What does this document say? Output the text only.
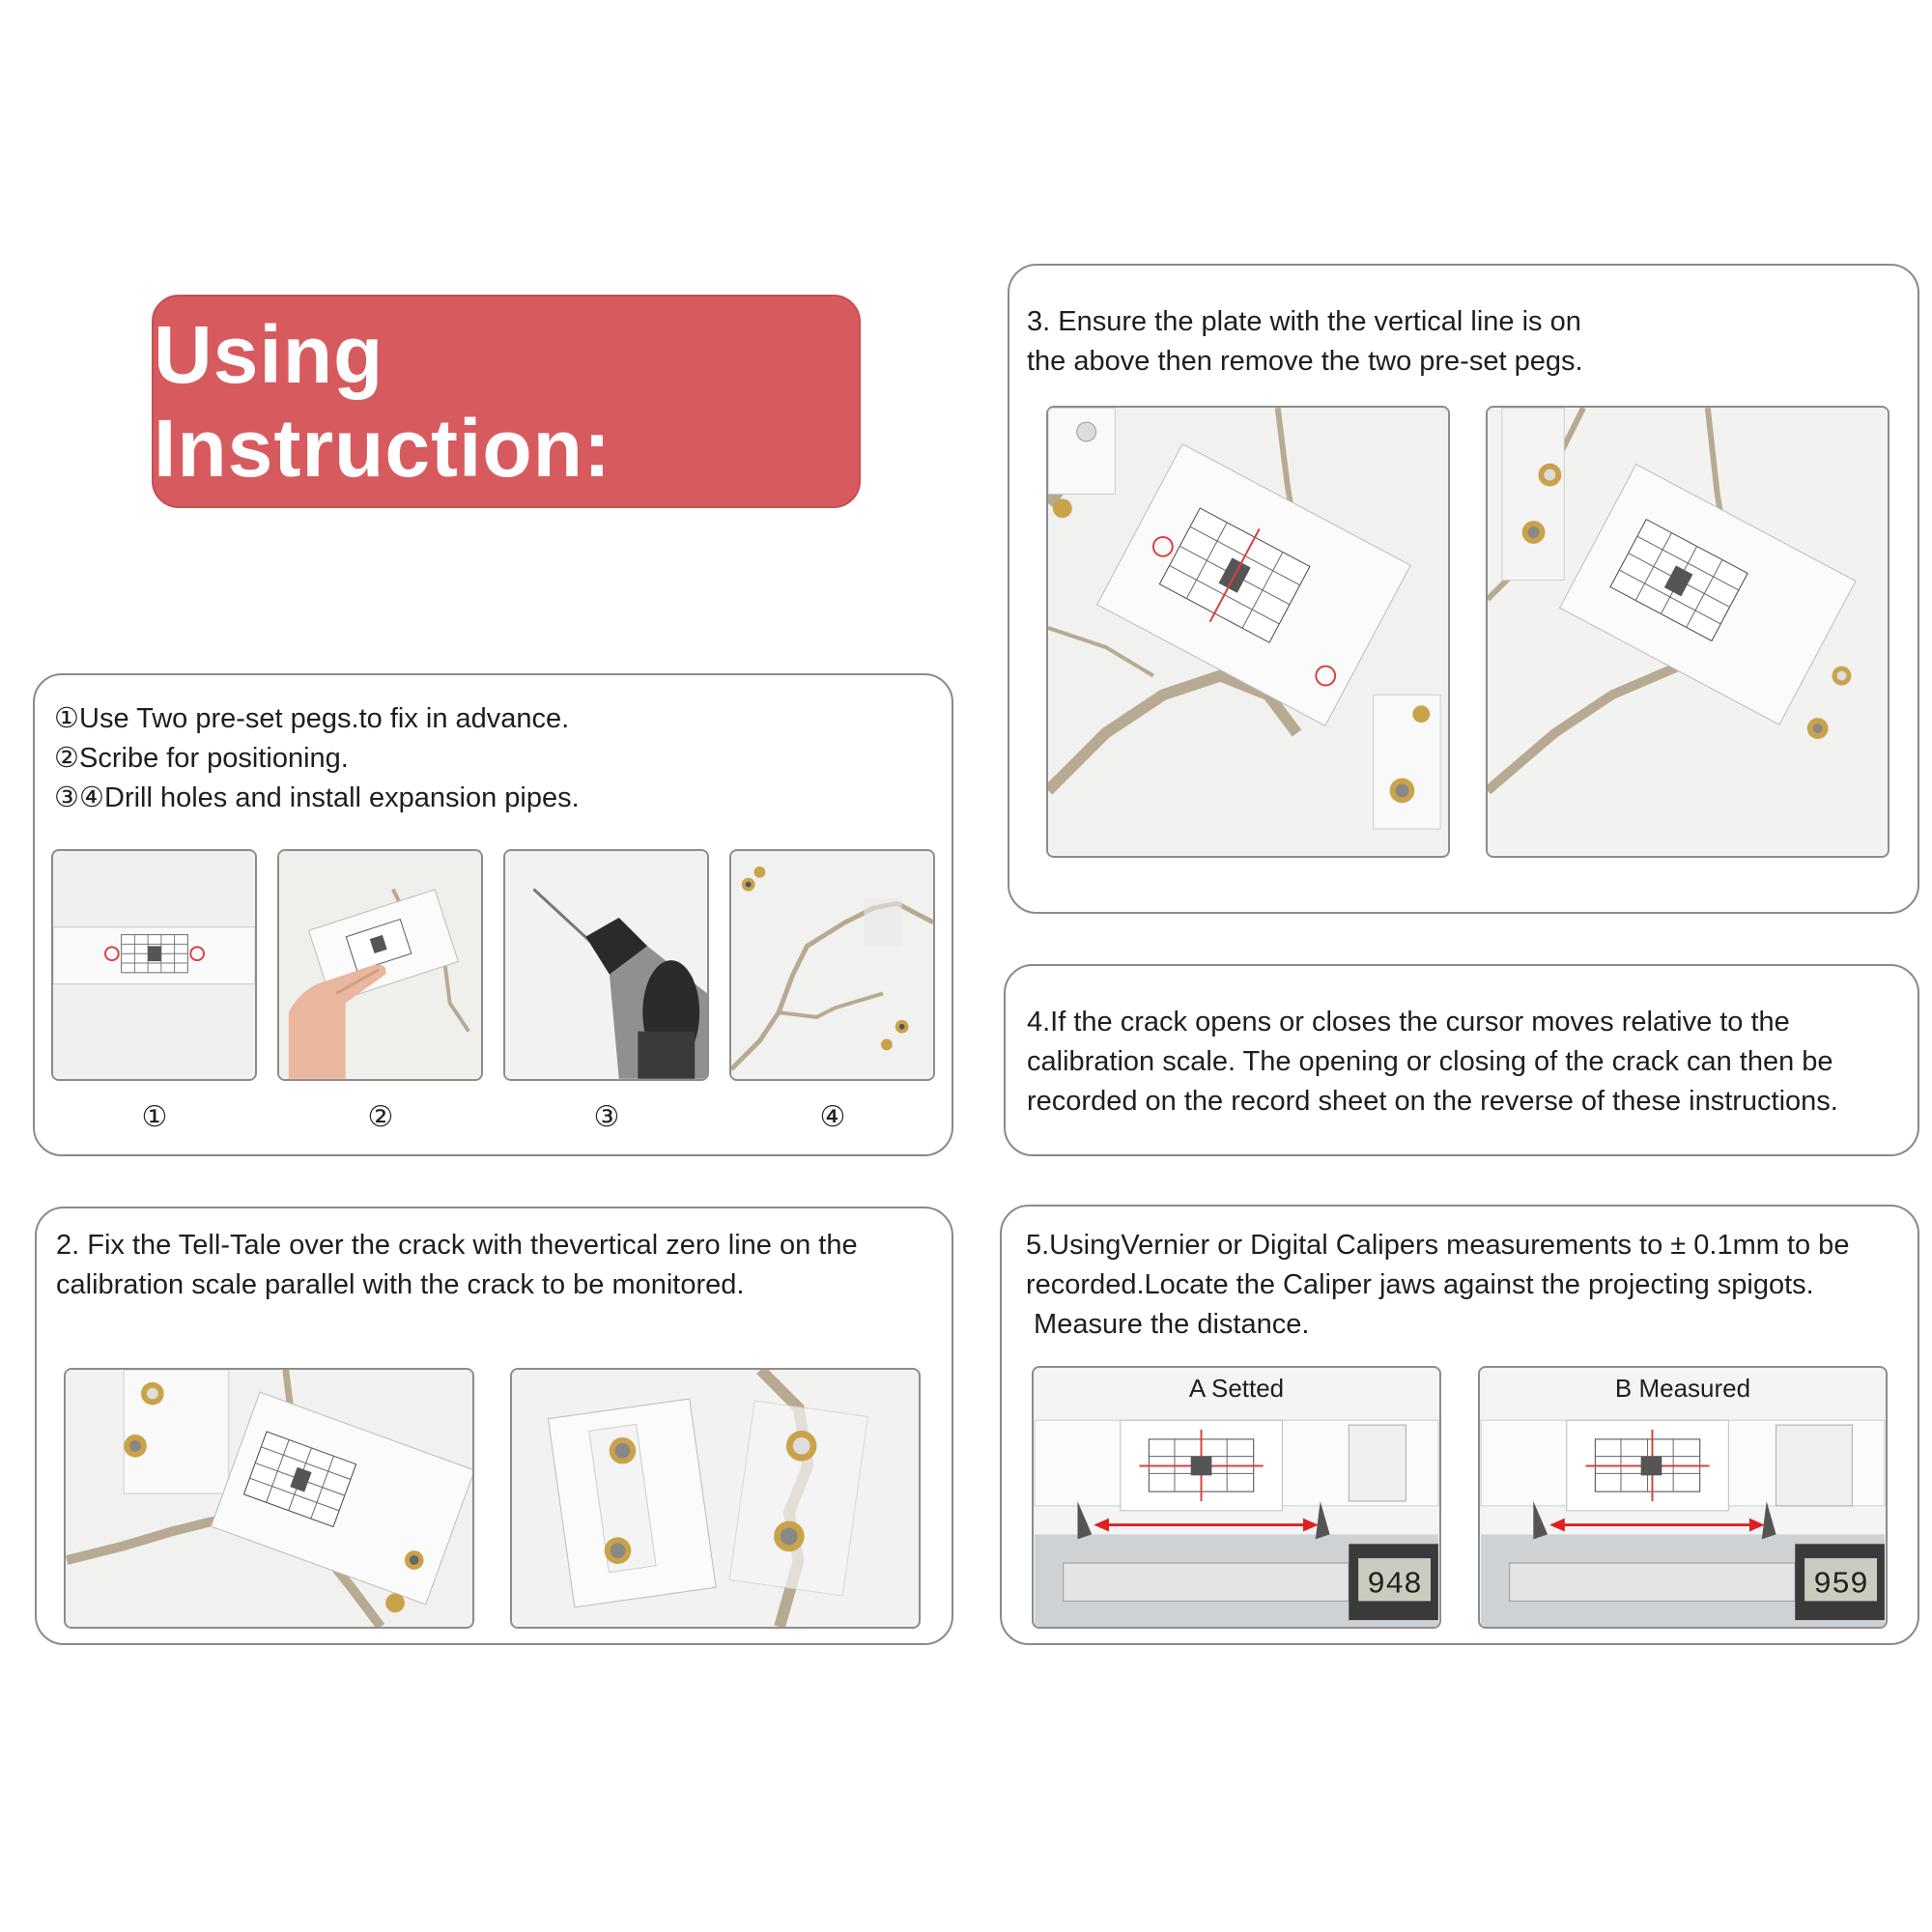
Using Instruction:
①Use Two pre-set pegs.to fix in advance.
②Scribe for positioning.
③④Drill holes and install expansion pipes.
①	②	③	④
2. Fix the Tell-Tale over the crack with thevertical zero line on the
calibration scale parallel with the crack to be monitored.
3. Ensure the plate with the vertical line is on
the above then remove the two pre-set pegs.
4.If the crack opens or closes the cursor moves relative to the
calibration scale. The opening or closing of the crack can then be
recorded on the record sheet on the reverse of these instructions.
5.UsingVernier or Digital Calipers measurements to ± 0.1mm to be
recorded.Locate the Caliper jaws against the projecting spigots.
Measure the distance.
A Setted
948
B Measured
959
